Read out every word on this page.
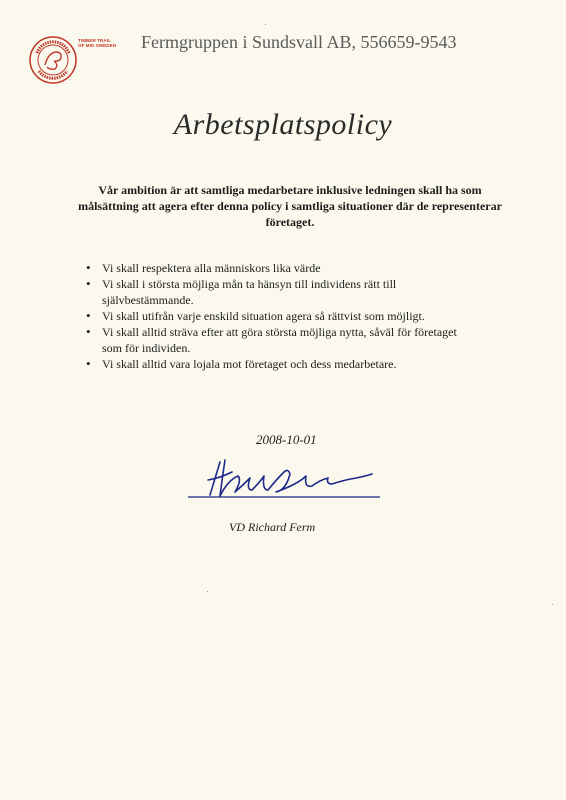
TIMBER TRAIL
OF MID SWEDEN Fermgruppen i Sundsvall AB, 556659-9543
Arbetsplatspolicy
Vår ambition är att samtliga medarbetare inklusive ledningen skall ha som målsättning att agera efter denna policy i samtliga situationer där de representerar företaget.
• Vi skall respektera alla människors lika värde
• Vi skall i största möjliga mån ta hänsyn till individens rätt till självbestämmande.
• Vi skall utifrån varje enskild situation agera så rättvist som möjligt.
• Vi skall alltid sträva efter att göra största möjliga nytta, såväl för företaget som för individen.
• Vi skall alltid vara lojala mot företaget och dess medarbetare.
2008-10-01
VD Richard Ferm
